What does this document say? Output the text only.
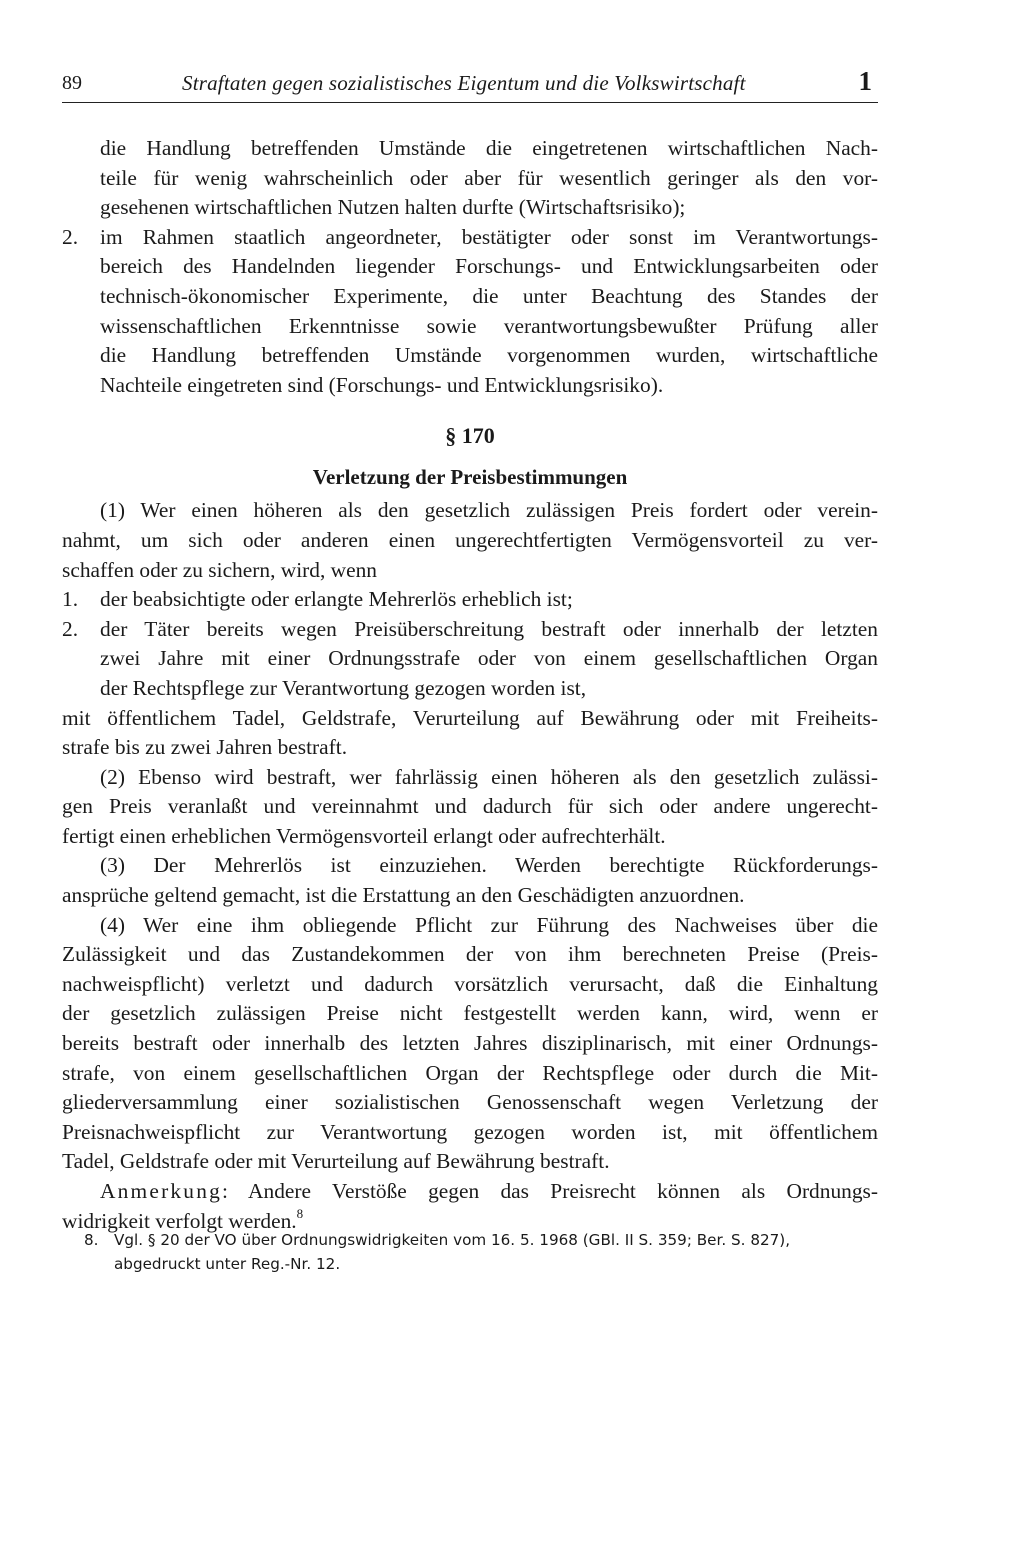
89	Straftaten gegen sozialistisches Eigentum und die Volkswirtschaft	1
die Handlung betreffenden Umstände die eingetretenen wirtschaftlichen Nach-
teile für wenig wahrscheinlich oder aber für wesentlich geringer als den vor-
gesehenen wirtschaftlichen Nutzen halten durfte (Wirtschaftsrisiko);
2. im Rahmen staatlich angeordneter, bestätigter oder sonst im Verantwortungs-
bereich des Handelnden liegender Forschungs- und Entwicklungsarbeiten oder
technisch-ökonomischer Experimente, die unter Beachtung des Standes der
wissenschaftlichen Erkenntnisse sowie verantwortungsbewußter Prüfung aller
die Handlung betreffenden Umstände vorgenommen wurden, wirtschaftliche
Nachteile eingetreten sind (Forschungs- und Entwicklungsrisiko).
§ 170
Verletzung der Preisbestimmungen
(1) Wer einen höheren als den gesetzlich zulässigen Preis fordert oder verein-
nahmt, um sich oder anderen einen ungerechtfertigten Vermögensvorteil zu ver-
schaffen oder zu sichern, wird, wenn
1. der beabsichtigte oder erlangte Mehrerlös erheblich ist;
2. der Täter bereits wegen Preisüberschreitung bestraft oder innerhalb der letzten
zwei Jahre mit einer Ordnungsstrafe oder von einem gesellschaftlichen Organ
der Rechtspflege zur Verantwortung gezogen worden ist,
mit öffentlichem Tadel, Geldstrafe, Verurteilung auf Bewährung oder mit Freiheits-
strafe bis zu zwei Jahren bestraft.
(2) Ebenso wird bestraft, wer fahrlässig einen höheren als den gesetzlich zulässi-
gen Preis veranlaßt und vereinnahmt und dadurch für sich oder andere ungerecht-
fertigt einen erheblichen Vermögensvorteil erlangt oder aufrechterhält.
(3) Der Mehrerlös ist einzuziehen. Werden berechtigte Rückforderungs-
ansprüche geltend gemacht, ist die Erstattung an den Geschädigten anzuordnen.
(4) Wer eine ihm obliegende Pflicht zur Führung des Nachweises über die
Zulässigkeit und das Zustandekommen der von ihm berechneten Preise (Preis-
nachweispflicht) verletzt und dadurch vorsätzlich verursacht, daß die Einhaltung
der gesetzlich zulässigen Preise nicht festgestellt werden kann, wird, wenn er
bereits bestraft oder innerhalb des letzten Jahres disziplinarisch, mit einer Ordnungs-
strafe, von einem gesellschaftlichen Organ der Rechtspflege oder durch die Mit-
gliederversammlung einer sozialistischen Genossenschaft wegen Verletzung der
Preisnachweispflicht zur Verantwortung gezogen worden ist, mit öffentlichem
Tadel, Geldstrafe oder mit Verurteilung auf Bewährung bestraft.
Anmerkung: Andere Verstöße gegen das Preisrecht können als Ordnungs-
widrigkeit verfolgt werden.$^8$
8. Vgl. § 20 der VO über Ordnungswidrigkeiten vom 16. 5. 1968 (GBl. II S. 359; Ber. S. 827),
abgedruckt unter Reg.-Nr. 12.
